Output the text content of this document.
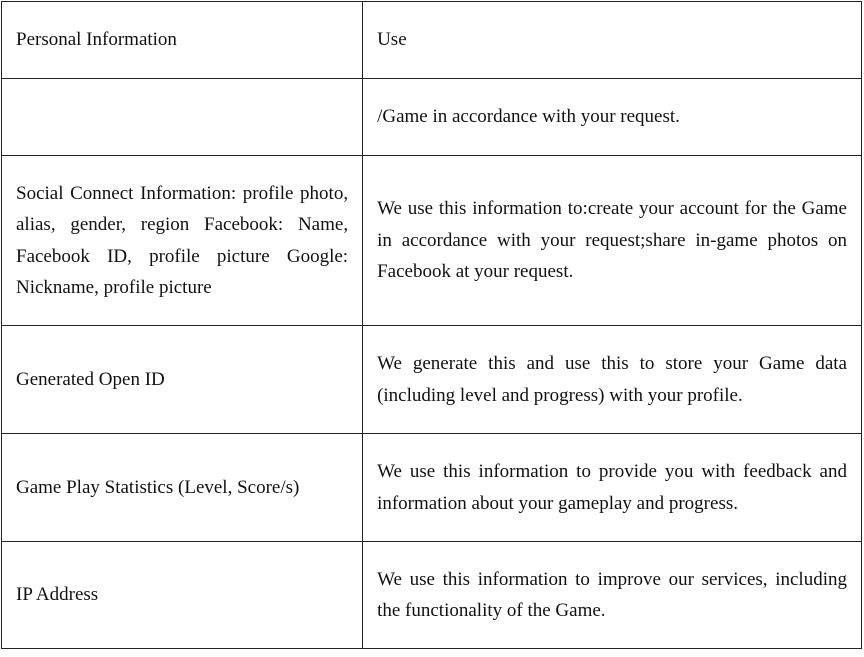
Personal Information	Use
	/Game in accordance with your request.
Social Connect Information: profile photo, alias, gender, region Facebook: Name, Facebook ID, profile picture Google: Nickname, profile picture	We use this information to:create your account for the Game in accordance with your request;share in-game photos on Facebook at your request.
Generated Open ID	We generate this and use this to store your Game data (including level and progress) with your profile.
Game Play Statistics (Level, Score/s)	We use this information to provide you with feedback and information about your gameplay and progress.
IP Address	We use this information to improve our services, including the functionality of the Game.
